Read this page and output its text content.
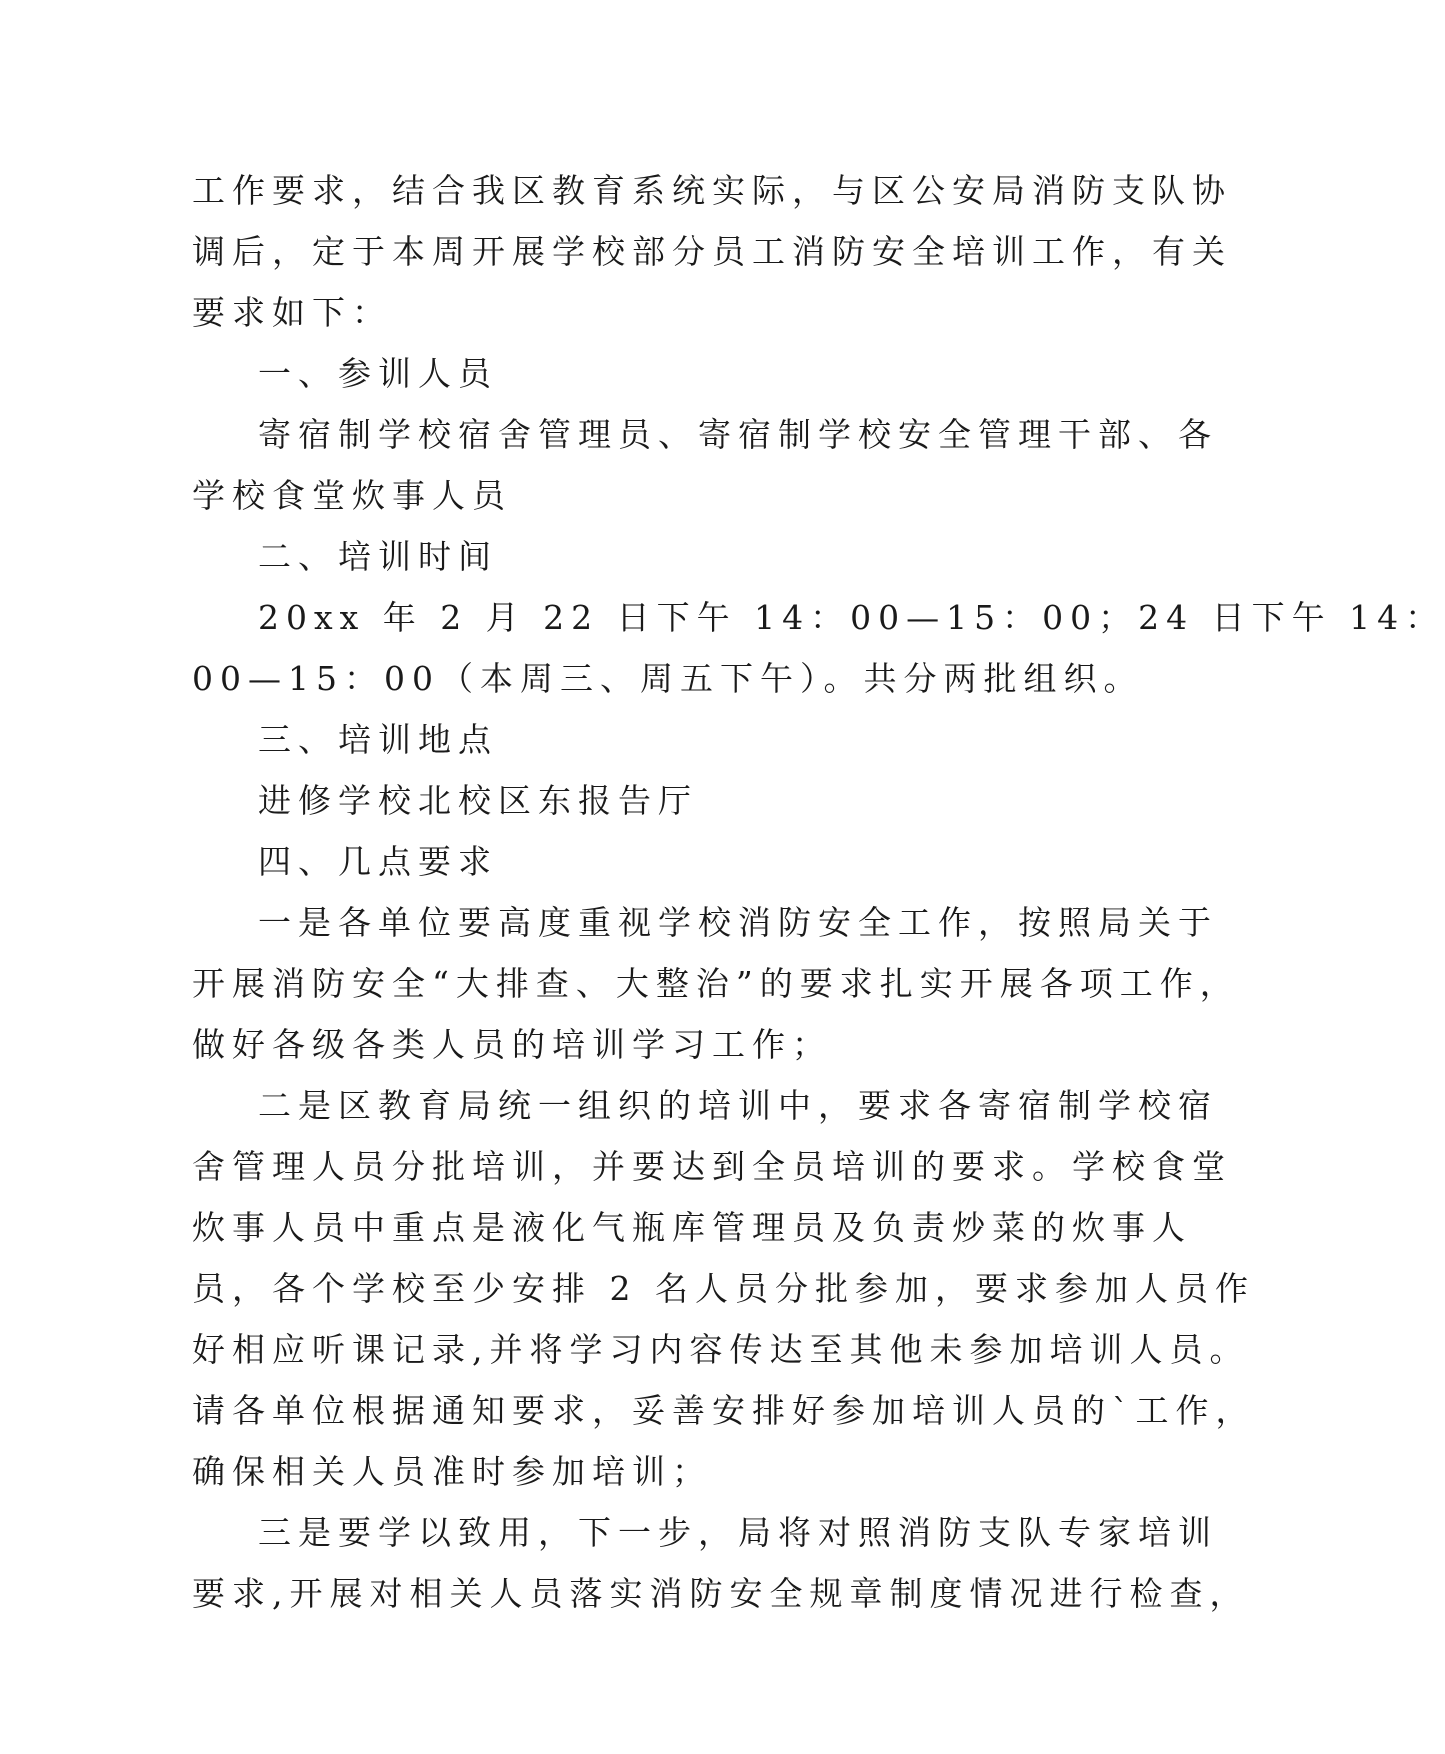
工作要求，结合我区教育系统实际，与区公安局消防支队协
调后，定于本周开展学校部分员工消防安全培训工作，有关
要求如下：
一、参训人员
寄宿制学校宿舍管理员、寄宿制学校安全管理干部、各
学校食堂炊事人员
二、培训时间
20xx 年 2 月 22 日下午 14：00—15：00；24 日下午 14：
00—15：00（本周三、周五下午）。共分两批组织。
三、培训地点
进修学校北校区东报告厅
四、几点要求
一是各单位要高度重视学校消防安全工作，按照局关于
开展消防安全“大排查、大整治”的要求扎实开展各项工作，
做好各级各类人员的培训学习工作；
二是区教育局统一组织的培训中，要求各寄宿制学校宿
舍管理人员分批培训，并要达到全员培训的要求。学校食堂
炊事人员中重点是液化气瓶库管理员及负责炒菜的炊事人
员，各个学校至少安排 2 名人员分批参加，要求参加人员作
好相应听课记录,并将学习内容传达至其他未参加培训人员。
请各单位根据通知要求，妥善安排好参加培训人员的`工作，
确保相关人员准时参加培训；
三是要学以致用，下一步，局将对照消防支队专家培训
要求,开展对相关人员落实消防安全规章制度情况进行检查，
